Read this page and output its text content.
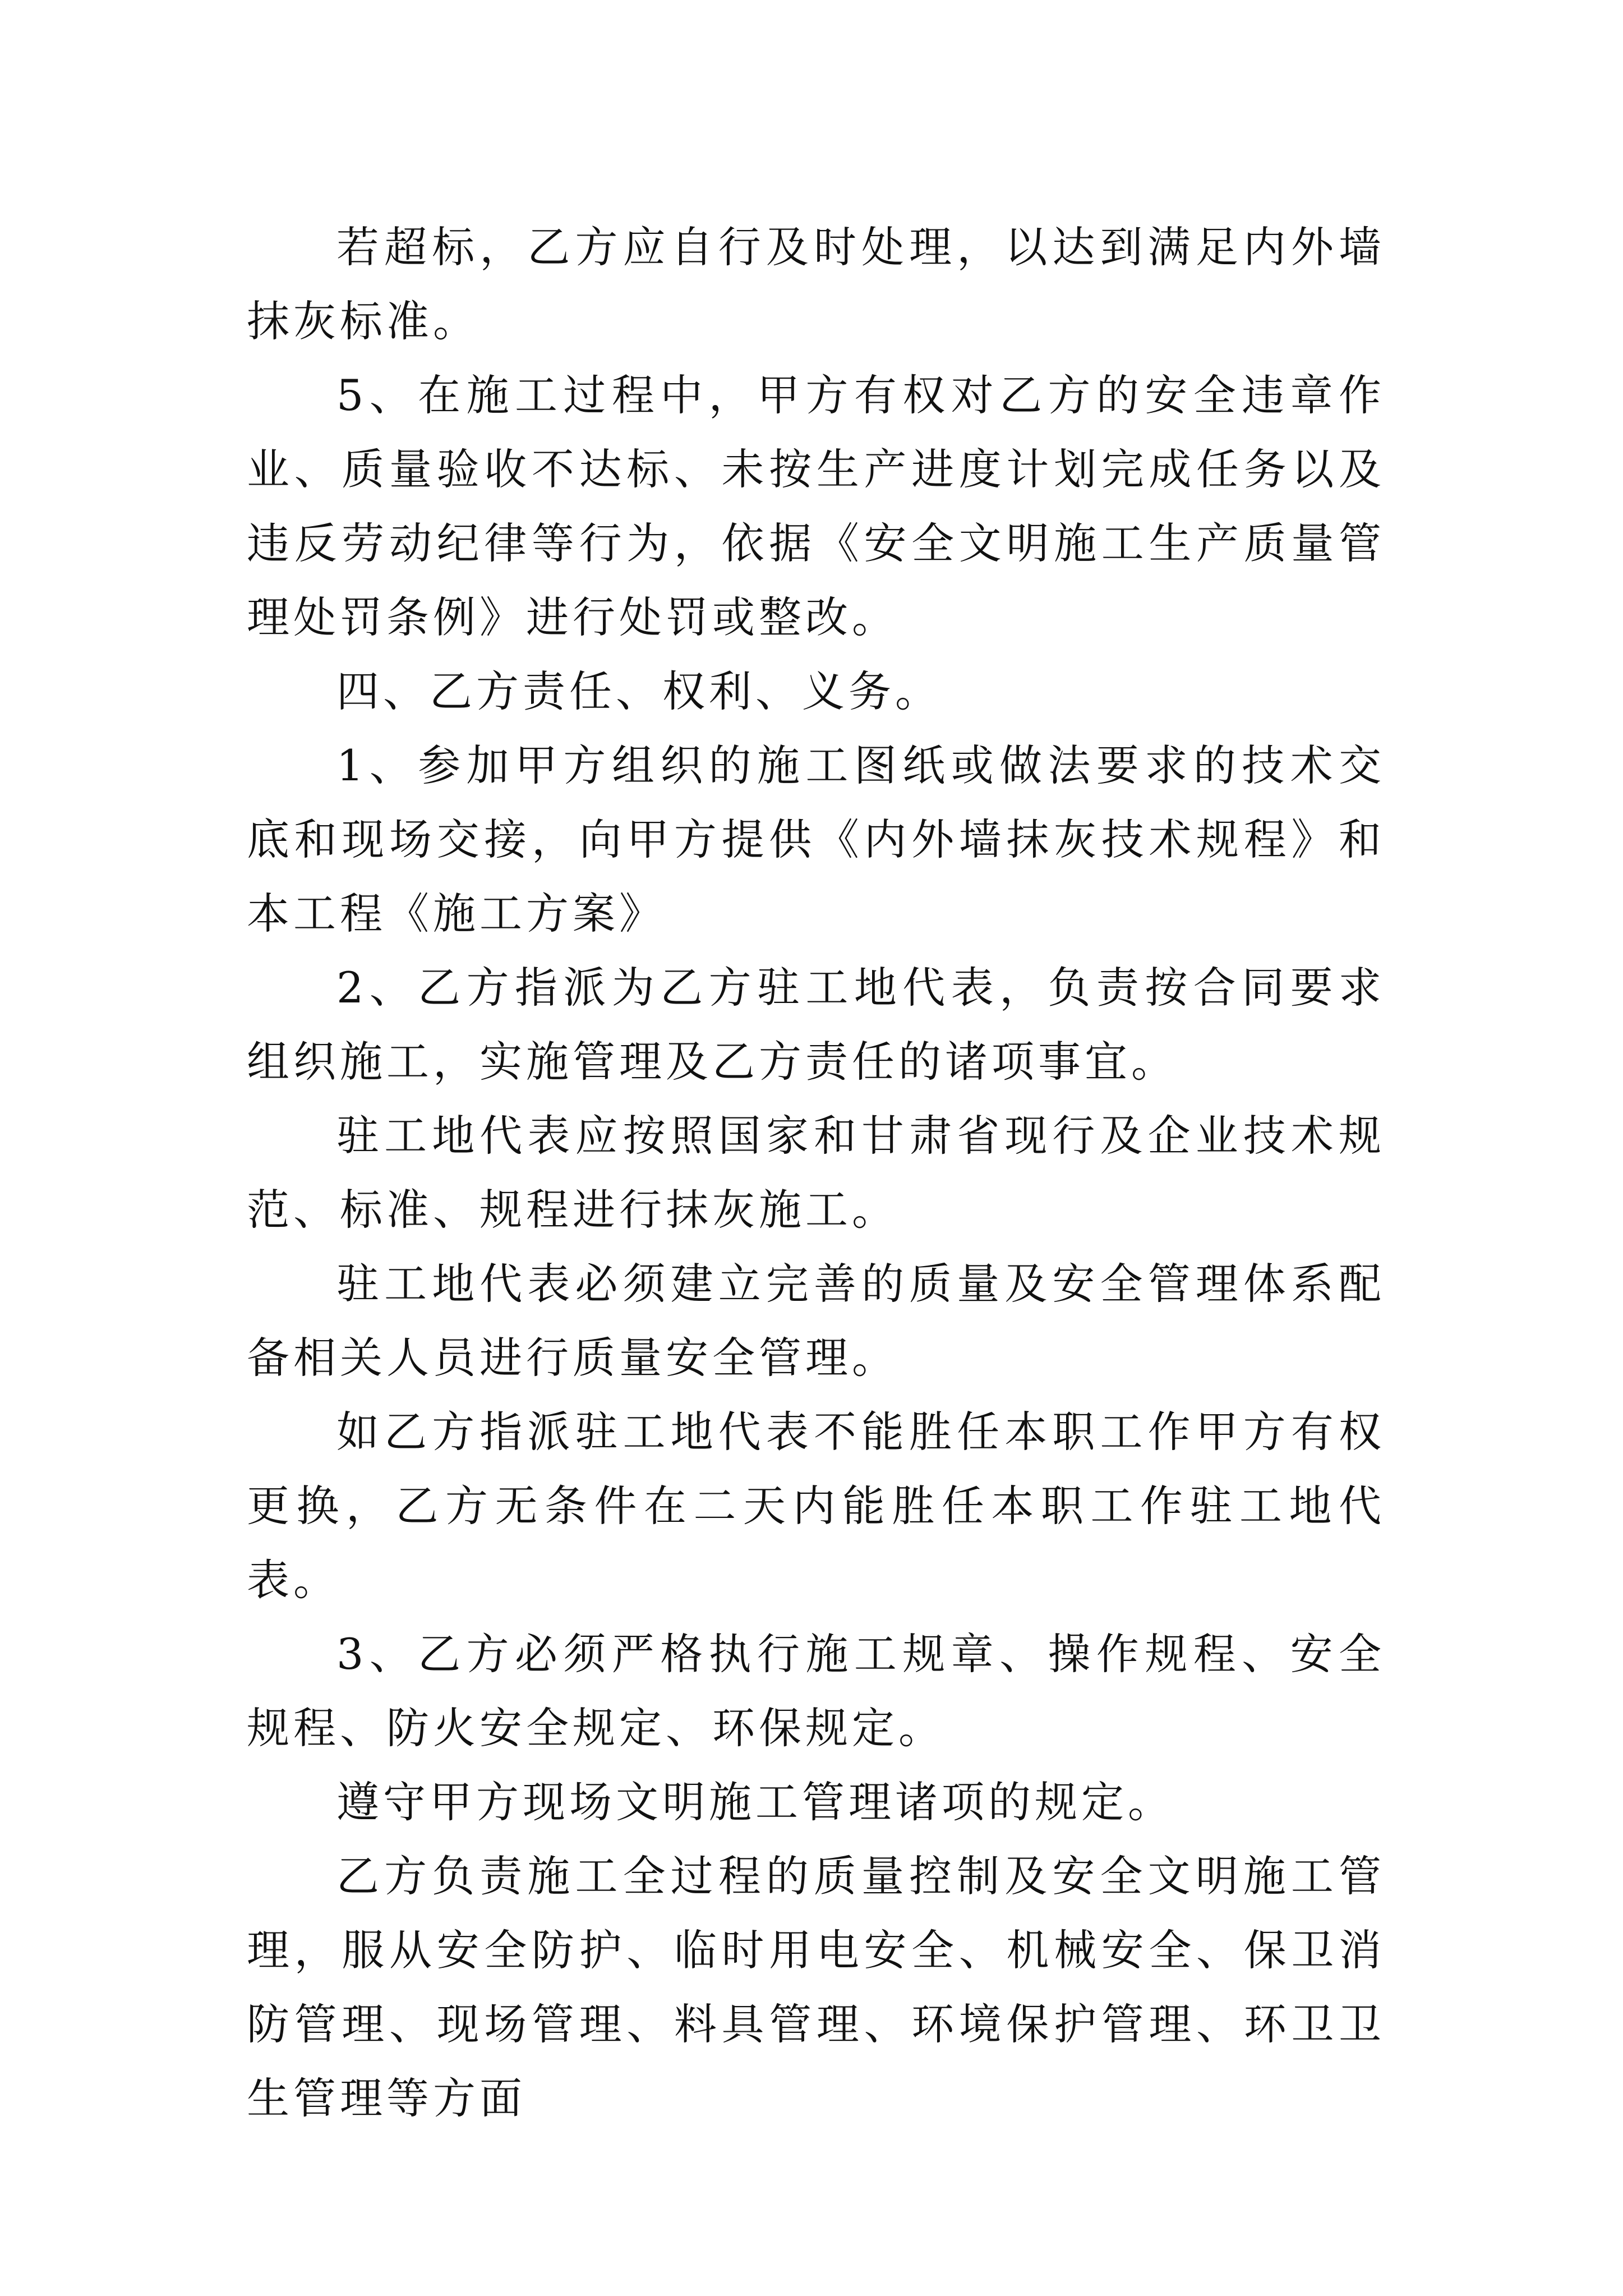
若超标，乙方应自行及时处理，以达到满足内外墙抹灰标准。

5、在施工过程中，甲方有权对乙方的安全违章作业、质量验收不达标、未按生产进度计划完成任务以及违反劳动纪律等行为，依据《安全文明施工生产质量管理处罚条例》进行处罚或整改。

四、乙方责任、权利、义务。

1、参加甲方组织的施工图纸或做法要求的技术交底和现场交接，向甲方提供《内外墙抹灰技术规程》和本工程《施工方案》

2、乙方指派为乙方驻工地代表，负责按合同要求组织施工，实施管理及乙方责任的诸项事宜。

驻工地代表应按照国家和甘肃省现行及企业技术规范、标准、规程进行抹灰施工。

驻工地代表必须建立完善的质量及安全管理体系配备相关人员进行质量安全管理。

如乙方指派驻工地代表不能胜任本职工作甲方有权更换，乙方无条件在二天内能胜任本职工作驻工地代表。

3、乙方必须严格执行施工规章、操作规程、安全规程、防火安全规定、环保规定。

遵守甲方现场文明施工管理诸项的规定。

乙方负责施工全过程的质量控制及安全文明施工管理，服从安全防护、临时用电安全、机械安全、保卫消防管理、现场管理、料具管理、环境保护管理、环卫卫生管理等方面
